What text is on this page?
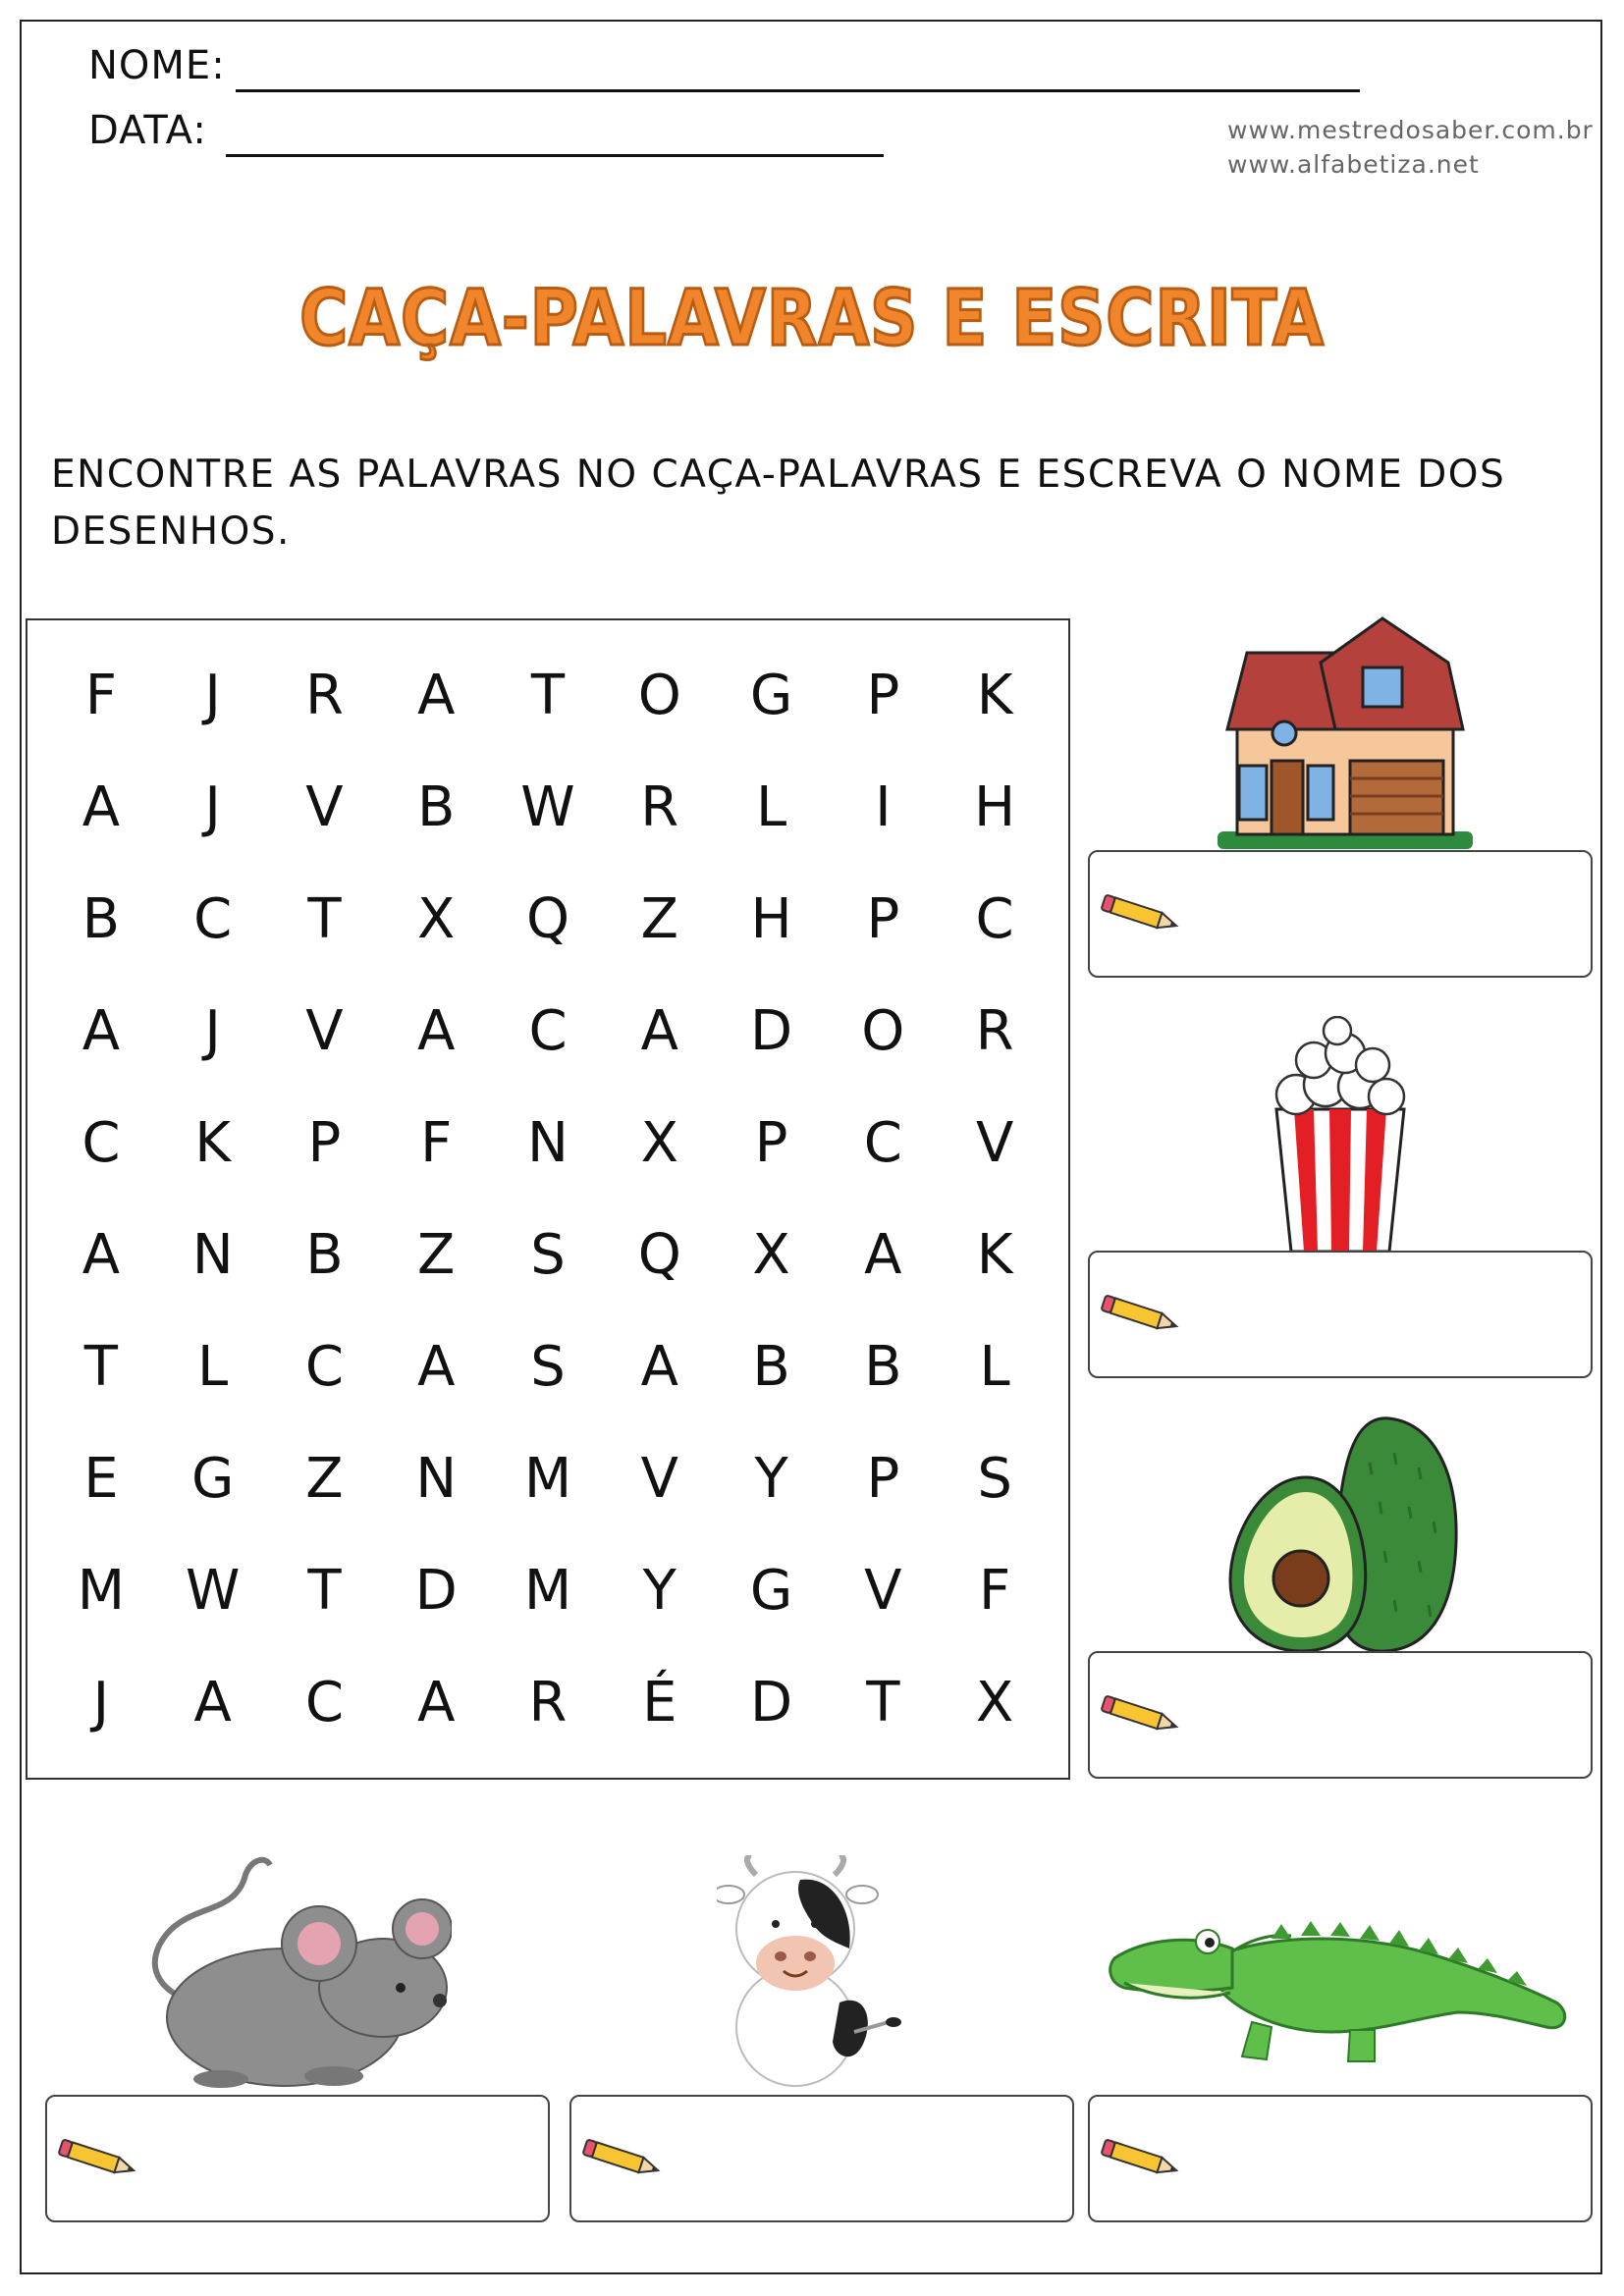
NOME:
DATA:	www.mestredosaber.com.br
www.alfabetiza.net
CAÇA-PALAVRAS E ESCRITA
ENCONTRE AS PALAVRAS NO CAÇA-PALAVRAS E ESCREVA O NOME DOS DESENHOS.
F	J	R	A	T	O	G	P	K
A	J	V	B	W	R	L	I	H
B	C	T	X	Q	Z	H	P	C
A	J	V	A	C	A	D	O	R
C	K	P	F	N	X	P	C	V
A	N	B	Z	S	Q	X	A	K
T	L	C	A	S	A	B	B	L
E	G	Z	N	M	V	Y	P	S
M	W	T	D	M	Y	G	V	F
J	A	C	A	R	É	D	T	X
